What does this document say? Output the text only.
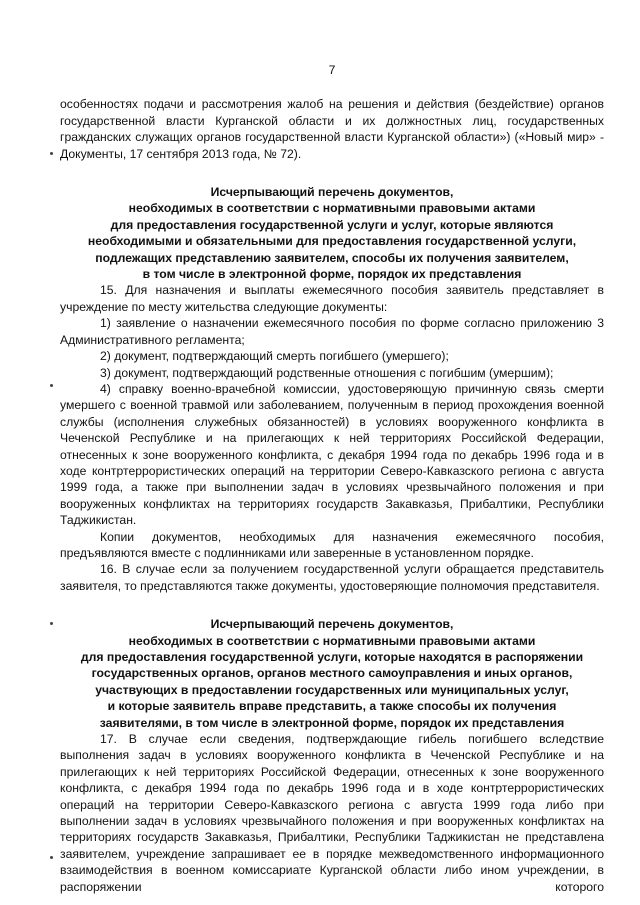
7

особенностях подачи и рассмотрения жалоб на решения и действия (бездействие) органов государственной власти Курганской области и их должностных лиц, государственных гражданских служащих органов государственной власти Курганской области») («Новый мир» - Документы, 17 сентября 2013 года, № 72).

Исчерпывающий перечень документов,
необходимых в соответствии с нормативными правовыми актами
для предоставления государственной услуги и услуг, которые являются
необходимыми и обязательными для предоставления государственной услуги,
подлежащих представлению заявителем, способы их получения заявителем,
в том числе в электронной форме, порядок их представления

15. Для назначения и выплаты ежемесячного пособия заявитель представляет в учреждение по месту жительства следующие документы:

1) заявление о назначении ежемесячного пособия по форме согласно приложению 3 Административного регламента;

2) документ, подтверждающий смерть погибшего (умершего);

3) документ, подтверждающий родственные отношения с погибшим (умершим);

4) справку военно-врачебной комиссии, удостоверяющую причинную связь смерти умершего с военной травмой или заболеванием, полученным в период прохождения военной службы (исполнения служебных обязанностей) в условиях вооруженного конфликта в Чеченской Республике и на прилегающих к ней территориях Российской Федерации, отнесенных к зоне вооруженного конфликта, с декабря 1994 года по декабрь 1996 года и в ходе контртеррористических операций на территории Северо-Кавказского региона с августа 1999 года, а также при выполнении задач в условиях чрезвычайного положения и при вооруженных конфликтах на территориях государств Закавказья, Прибалтики, Республики Таджикистан.

Копии документов, необходимых для назначения ежемесячного пособия, предъявляются вместе с подлинниками или заверенные в установленном порядке.

16. В случае если за получением государственной услуги обращается представитель заявителя, то представляются также документы, удостоверяющие полномочия представителя.

Исчерпывающий перечень документов,
необходимых в соответствии с нормативными правовыми актами
для предоставления государственной услуги, которые находятся в распоряжении
государственных органов, органов местного самоуправления и иных органов,
участвующих в предоставлении государственных или муниципальных услуг,
и которые заявитель вправе представить, а также способы их получения
заявителями, в том числе в электронной форме, порядок их представления

17. В случае если сведения, подтверждающие гибель погибшего вследствие выполнения задач в условиях вооруженного конфликта в Чеченской Республике и на прилегающих к ней территориях Российской Федерации, отнесенных к зоне вооруженного конфликта, с декабря 1994 года по декабрь 1996 года и в ходе контртеррористических операций на территории Северо-Кавказского региона с августа 1999 года либо при выполнении задач в условиях чрезвычайного положения и при вооруженных конфликтах на территориях государств Закавказья, Прибалтики, Республики Таджикистан не представлена заявителем, учреждение запрашивает ее в порядке межведомственного информационного взаимодействия в военном комиссариате Курганской области либо ином учреждении, в распоряжении которого
